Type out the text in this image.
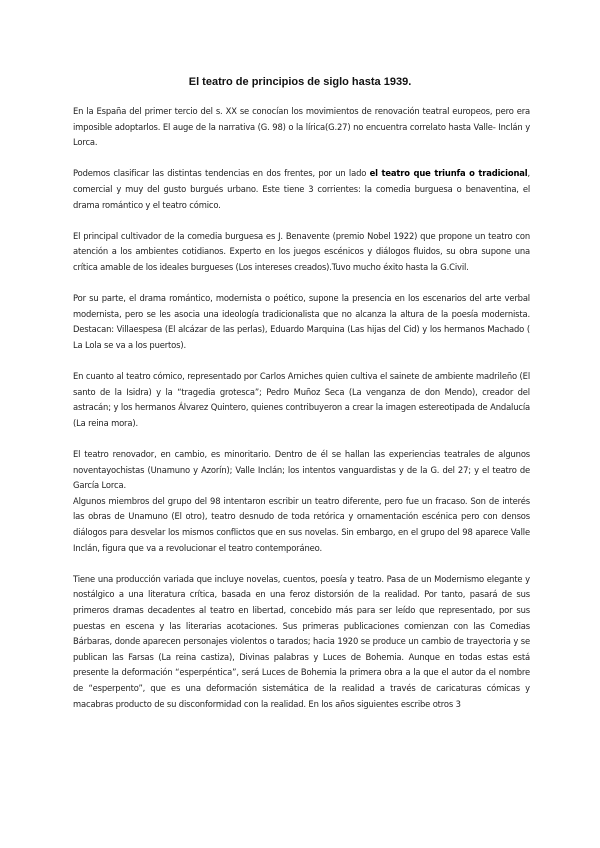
El teatro de principios de siglo hasta 1939.

En la España del primer tercio del s. XX se conocían los movimientos de renovación teatral europeos, pero era imposible adoptarlos. El auge de la narrativa (G. 98) o la lírica(G.27) no encuentra correlato hasta Valle- Inclán y Lorca.

Podemos clasificar las distintas tendencias en dos frentes, por un lado el teatro que triunfa o tradicional, comercial y muy del gusto burgués urbano. Este tiene 3 corrientes: la comedia burguesa o benaventina, el drama romántico y el teatro cómico.

El principal cultivador de la comedia burguesa es J. Benavente (premio Nobel 1922) que propone un teatro con atención a los ambientes cotidianos. Experto en los juegos escénicos y diálogos fluidos, su obra supone una crítica amable de los ideales burgueses (Los intereses creados).Tuvo mucho éxito hasta la G.Civil.

Por su parte, el drama romántico, modernista o poético, supone la presencia en los escenarios del arte verbal modernista, pero se les asocia una ideología tradicionalista que no alcanza la altura de la poesía modernista. Destacan: Villaespesa (El alcázar de las perlas), Eduardo Marquina (Las hijas del Cid) y los hermanos Machado ( La Lola se va a los puertos).

En cuanto al teatro cómico, representado por Carlos Arniches quien cultiva el sainete de ambiente madrileño (El santo de la Isidra) y la “tragedia grotesca”; Pedro Muñoz Seca (La venganza de don Mendo), creador del astracán; y los hermanos Álvarez Quintero, quienes contribuyeron a crear la imagen estereotipada de Andalucía (La reina mora).

El teatro renovador, en cambio, es minoritario. Dentro de él se hallan las experiencias teatrales de algunos noventayochistas (Unamuno y Azorín); Valle Inclán; los intentos vanguardistas y de la G. del 27; y el teatro de García Lorca.

Algunos miembros del grupo del 98 intentaron escribir un teatro diferente, pero fue un fracaso. Son de interés las obras de Unamuno (El otro), teatro desnudo de toda retórica y ornamentación escénica pero con densos diálogos para desvelar los mismos conflictos que en sus novelas. Sin embargo, en el grupo del 98 aparece Valle Inclán, figura que va a revolucionar el teatro contemporáneo.

Tiene una producción variada que incluye novelas, cuentos, poesía y teatro. Pasa de un Modernismo elegante y nostálgico a una literatura crítica, basada en una feroz distorsión de la realidad. Por tanto, pasará de sus primeros dramas decadentes al teatro en libertad, concebido más para ser leído que representado, por sus puestas en escena y las literarias acotaciones. Sus primeras publicaciones comienzan con las Comedias Bárbaras, donde aparecen personajes violentos o tarados; hacia 1920 se produce un cambio de trayectoria y se publican las Farsas (La reina castiza), Divinas palabras y Luces de Bohemia. Aunque en todas estas está presente la deformación “esperpéntica”, será Luces de Bohemia la primera obra a la que el autor da el nombre de “esperpento”, que es una deformación sistemática de la realidad a través de caricaturas cómicas y macabras producto de su disconformidad con la realidad. En los años siguientes escribe otros 3
